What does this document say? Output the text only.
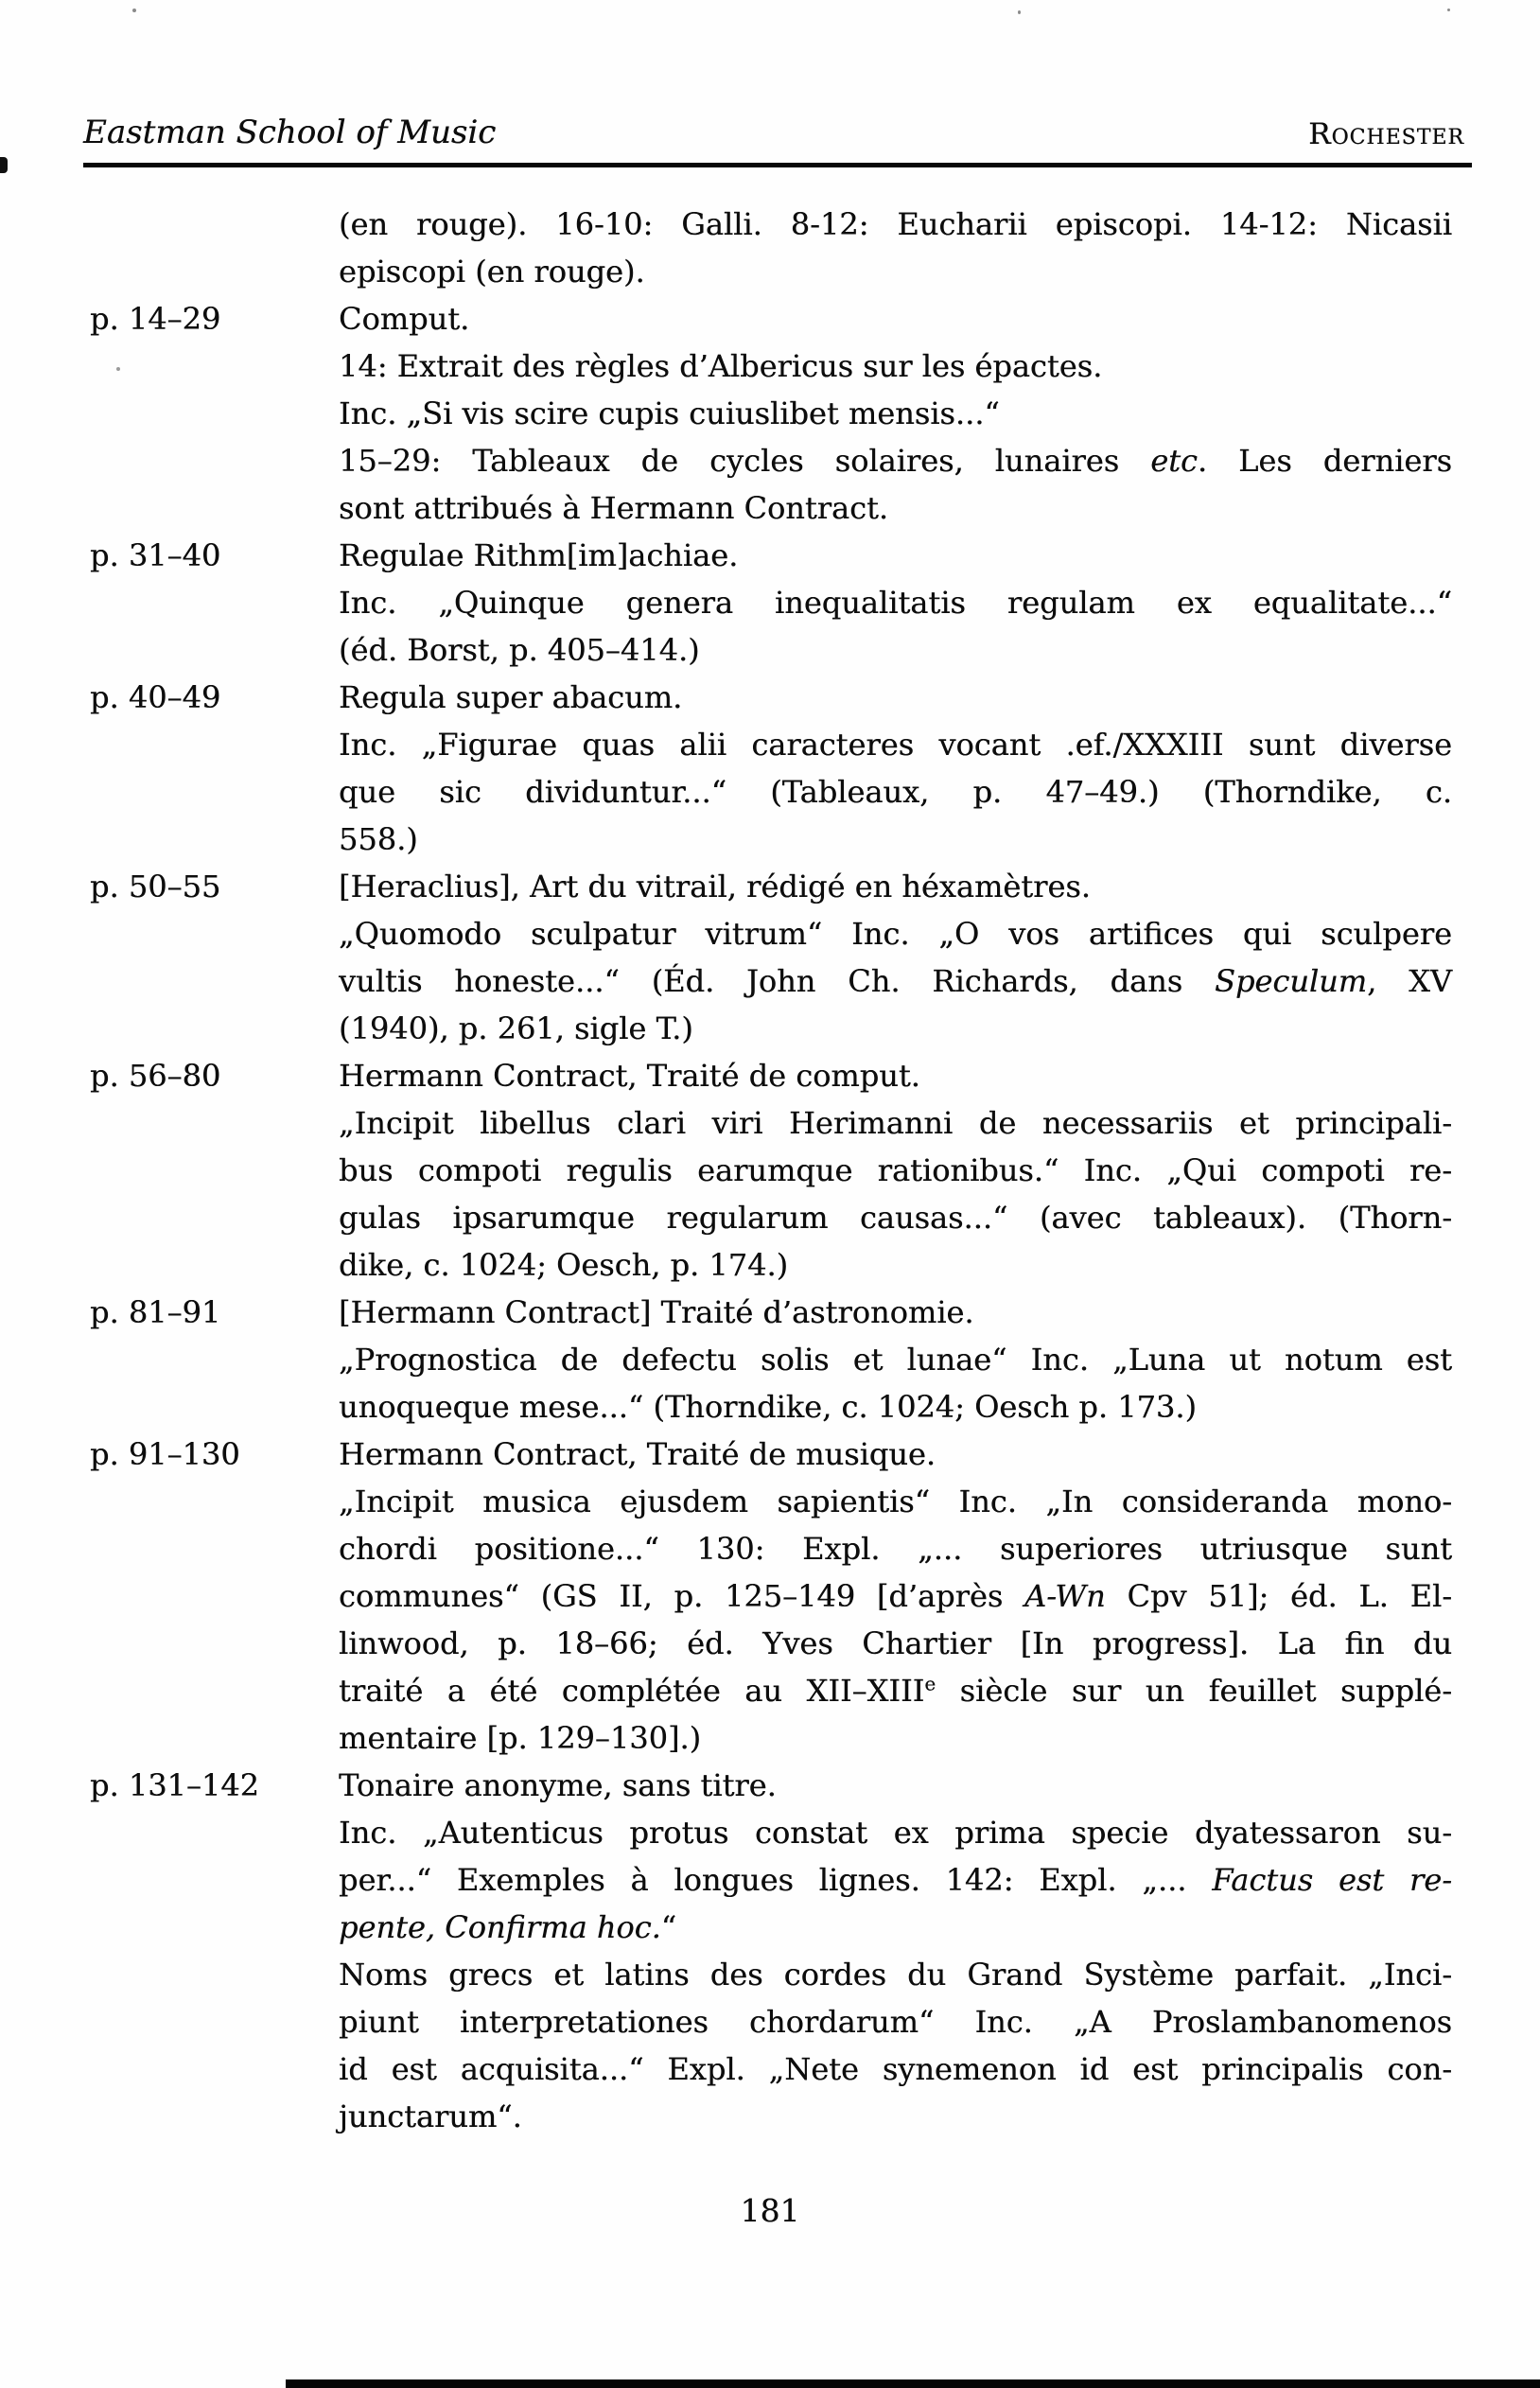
Eastman School of Music	Rochester
(en rouge). 16-10: Galli. 8-12: Eucharii episcopi. 14-12: Nicasii
episcopi (en rouge).
p. 14–29	Comput.
14: Extrait des règles d’Albericus sur les épactes.
Inc. „Si vis scire cupis cuiuslibet mensis...“
15–29: Tableaux de cycles solaires, lunaires etc. Les derniers
sont attribués à Hermann Contract.
p. 31–40	Regulae Rithm[im]achiae.
Inc. „Quinque genera inequalitatis regulam ex equalitate...“
(éd. Borst, p. 405–414.)
p. 40–49	Regula super abacum.
Inc. „Figurae quas alii caracteres vocant .ef./XXXIII sunt diverse
que sic dividuntur...“ (Tableaux, p. 47–49.) (Thorndike, c.
558.)
p. 50–55	[Heraclius], Art du vitrail, rédigé en héxamètres.
„Quomodo sculpatur vitrum“ Inc. „O vos artifices qui sculpere
vultis honeste...“ (Éd. John Ch. Richards, dans Speculum, XV
(1940), p. 261, sigle T.)
p. 56–80	Hermann Contract, Traité de comput.
„Incipit libellus clari viri Herimanni de necessariis et principali-
bus compoti regulis earumque rationibus.“ Inc. „Qui compoti re-
gulas ipsarumque regularum causas...“ (avec tableaux). (Thorn-
dike, c. 1024; Oesch, p. 174.)
p. 81–91	[Hermann Contract] Traité d’astronomie.
„Prognostica de defectu solis et lunae“ Inc. „Luna ut notum est
unoqueque mese...“ (Thorndike, c. 1024; Oesch p. 173.)
p. 91–130	Hermann Contract, Traité de musique.
„Incipit musica ejusdem sapientis“ Inc. „In consideranda mono-
chordi positione...“ 130: Expl. „... superiores utriusque sunt
communes“ (GS II, p. 125–149 [d’après A-Wn Cpv 51]; éd. L. El-
linwood, p. 18–66; éd. Yves Chartier [In progress]. La fin du
traité a été complétée au XII–XIIIe siècle sur un feuillet supplé-
mentaire [p. 129–130].)
p. 131–142	Tonaire anonyme, sans titre.
Inc. „Autenticus protus constat ex prima specie dyatessaron su-
per...“ Exemples à longues lignes. 142: Expl. „... Factus est re-
pente, Confirma hoc.“
Noms grecs et latins des cordes du Grand Système parfait. „Inci-
piunt interpretationes chordarum“ Inc. „A Proslambanomenos
id est acquisita...“ Expl. „Nete synemenon id est principalis con-
junctarum“.
181
